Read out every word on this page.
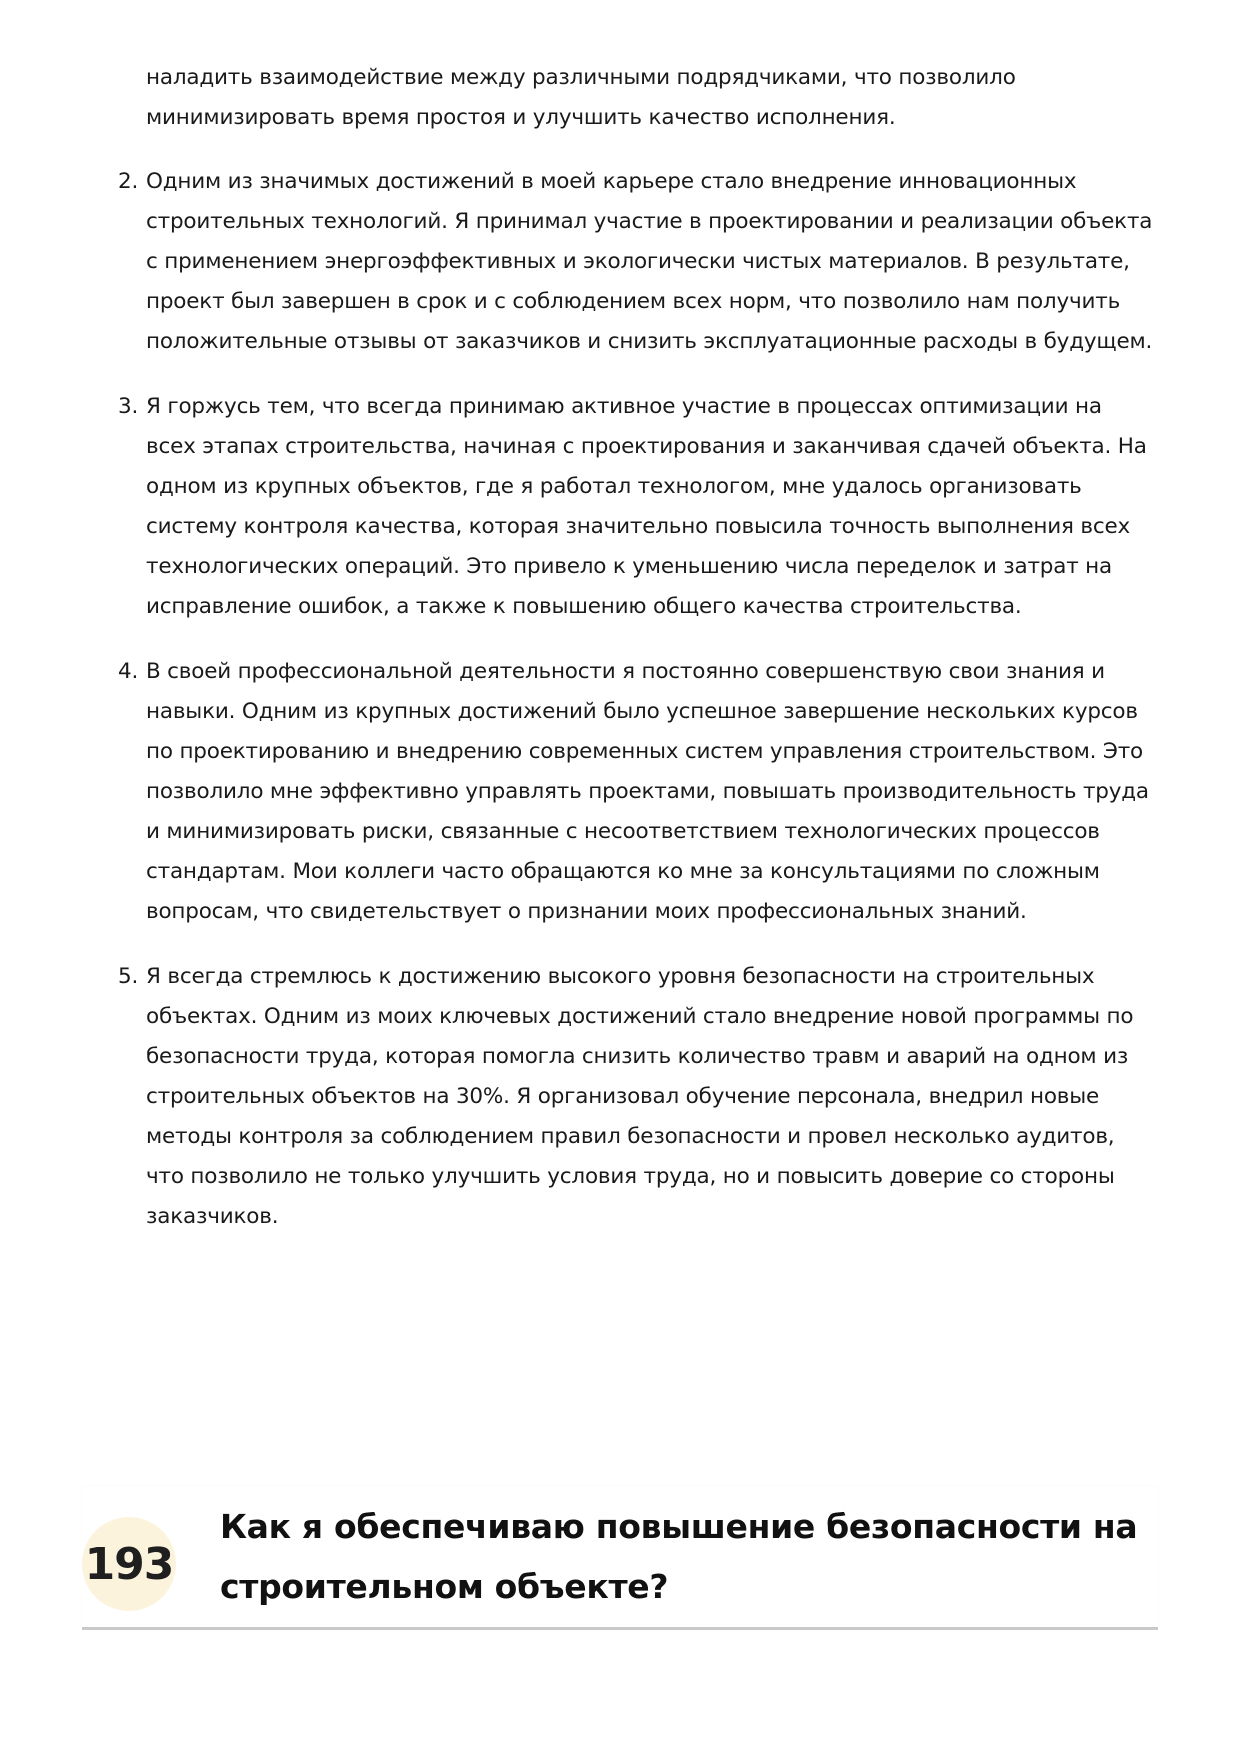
наладить взаимодействие между различными подрядчиками, что позволило минимизировать время простоя и улучшить качество исполнения.

2. Одним из значимых достижений в моей карьере стало внедрение инновационных строительных технологий. Я принимал участие в проектировании и реализации объекта с применением энергоэффективных и экологически чистых материалов. В результате, проект был завершен в срок и с соблюдением всех норм, что позволило нам получить положительные отзывы от заказчиков и снизить эксплуатационные расходы в будущем.
3. Я горжусь тем, что всегда принимаю активное участие в процессах оптимизации на всех этапах строительства, начиная с проектирования и заканчивая сдачей объекта. На одном из крупных объектов, где я работал технологом, мне удалось организовать систему контроля качества, которая значительно повысила точность выполнения всех технологических операций. Это привело к уменьшению числа переделок и затрат на исправление ошибок, а также к повышению общего качества строительства.
4. В своей профессиональной деятельности я постоянно совершенствую свои знания и навыки. Одним из крупных достижений было успешное завершение нескольких курсов по проектированию и внедрению современных систем управления строительством. Это позволило мне эффективно управлять проектами, повышать производительность труда и минимизировать риски, связанные с несоответствием технологических процессов стандартам. Мои коллеги часто обращаются ко мне за консультациями по сложным вопросам, что свидетельствует о признании моих профессиональных знаний.
5. Я всегда стремлюсь к достижению высокого уровня безопасности на строительных объектах. Одним из моих ключевых достижений стало внедрение новой программы по безопасности труда, которая помогла снизить количество травм и аварий на одном из строительных объектов на 30%. Я организовал обучение персонала, внедрил новые методы контроля за соблюдением правил безопасности и провел несколько аудитов, что позволило не только улучшить условия труда, но и повысить доверие со стороны заказчиков.
193
Как я обеспечиваю повышение безопасности на строительном объекте?
